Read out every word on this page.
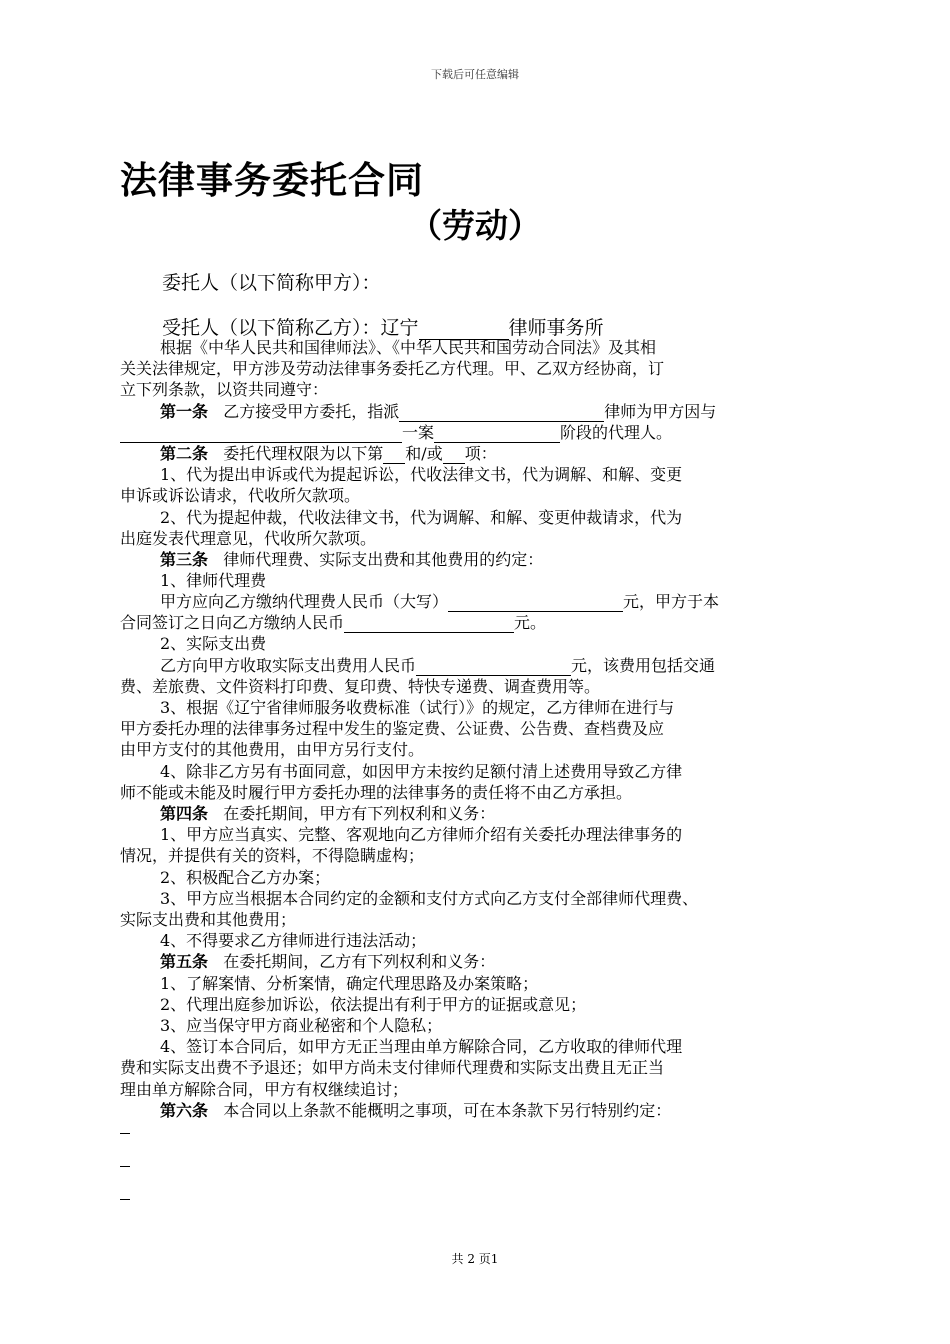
下载后可任意编辑
法律事务委托合同
（劳动）
委托人（以下简称甲方）：
受托人（以下简称乙方）：辽宁	律师事务所
根据《中华人民共和国律师法》、《中华人民共和国劳动合同法》及其相
关关法律规定，甲方涉及劳动法律事务委托乙方代理。甲、乙双方经协商，订
立下列条款，以资共同遵守：
第一条 乙方接受甲方委托，指派	律师为甲方因与
一案	阶段的代理人。
第二条 委托代理权限为以下第 和/或 项：
1、代为提出申诉或代为提起诉讼，代收法律文书，代为调解、和解、变更
申诉或诉讼请求，代收所欠款项。
2、代为提起仲裁，代收法律文书，代为调解、和解、变更仲裁请求，代为
出庭发表代理意见，代收所欠款项。
第三条 律师代理费、实际支出费和其他费用的约定：
1、律师代理费
甲方应向乙方缴纳代理费人民币（大写）	元，甲方于本
合同签订之日向乙方缴纳人民币	元。
2、实际支出费
乙方向甲方收取实际支出费用人民币	元，该费用包括交通
费、差旅费、文件资料打印费、复印费、特快专递费、调查费用等。
3、根据《辽宁省律师服务收费标准（试行）》的规定，乙方律师在进行与
甲方委托办理的法律事务过程中发生的鉴定费、公证费、公告费、查档费及应
由甲方支付的其他费用，由甲方另行支付。
4、除非乙方另有书面同意，如因甲方未按约足额付清上述费用导致乙方律
师不能或未能及时履行甲方委托办理的法律事务的责任将不由乙方承担。
第四条 在委托期间，甲方有下列权利和义务：
1、甲方应当真实、完整、客观地向乙方律师介绍有关委托办理法律事务的
情况，并提供有关的资料，不得隐瞒虚构；
2、积极配合乙方办案；
3、甲方应当根据本合同约定的金额和支付方式向乙方支付全部律师代理费、
实际支出费和其他费用；
4、不得要求乙方律师进行违法活动；
第五条 在委托期间，乙方有下列权利和义务：
1、了解案情、分析案情，确定代理思路及办案策略；
2、代理出庭参加诉讼，依法提出有利于甲方的证据或意见；
3、应当保守甲方商业秘密和个人隐私；
4、签订本合同后，如甲方无正当理由单方解除合同，乙方收取的律师代理
费和实际支出费不予退还；如甲方尚未支付律师代理费和实际支出费且无正当
理由单方解除合同，甲方有权继续追讨；
第六条 本合同以上条款不能概明之事项，可在本条款下另行特别约定：
共 2 页1
